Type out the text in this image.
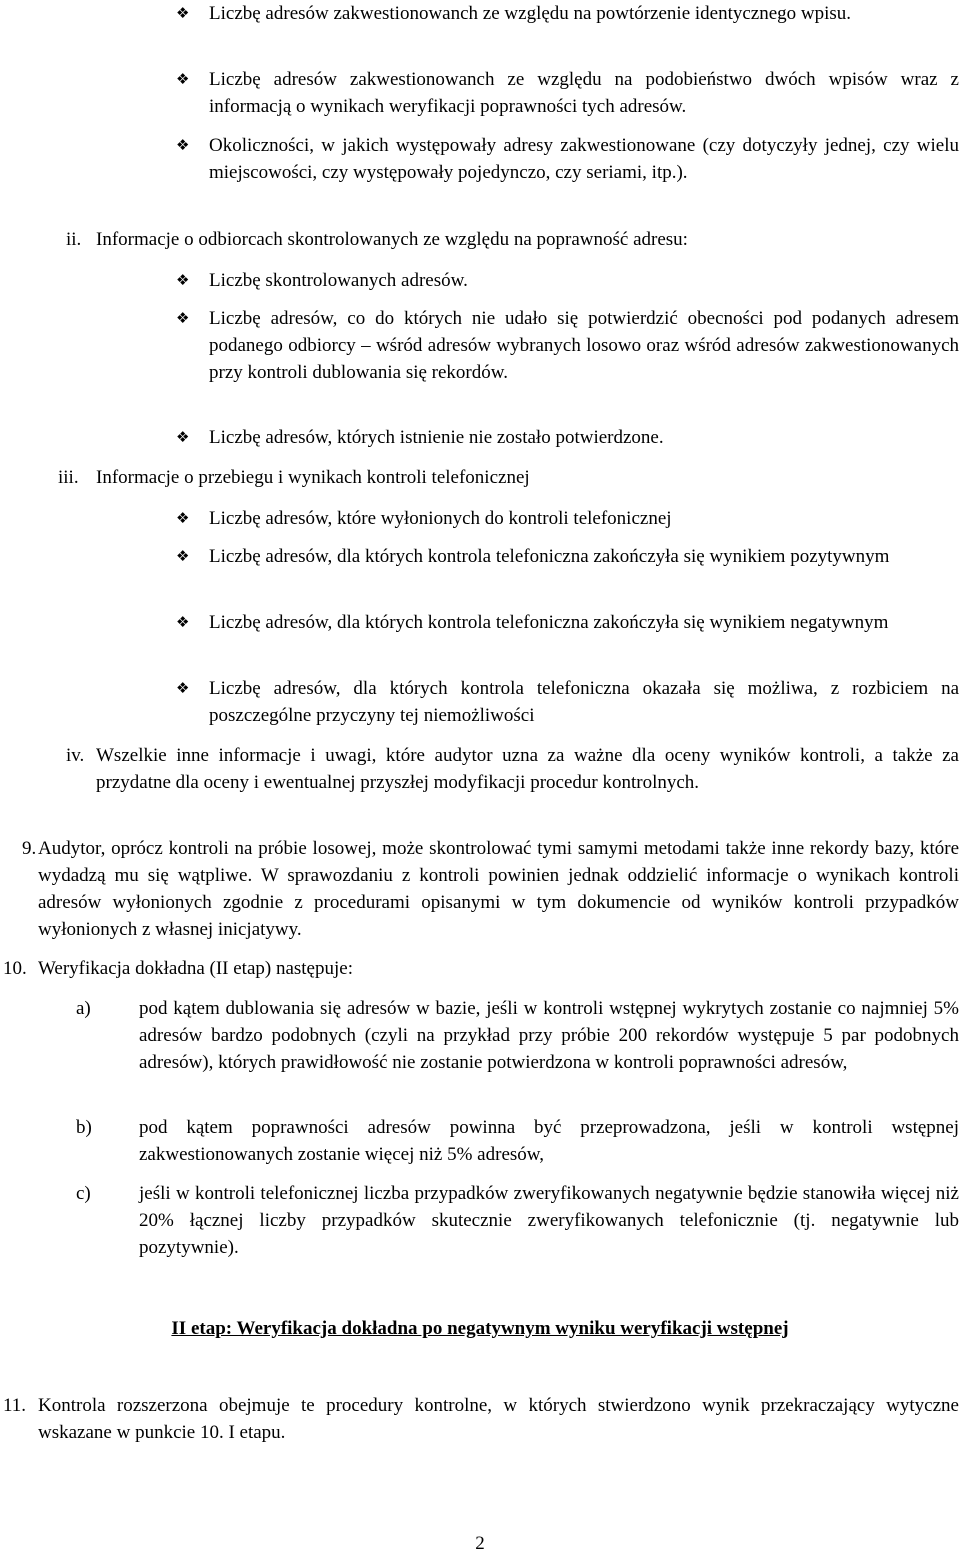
❖ Liczbę adresów zakwestionowanch ze względu na powtórzenie identycznego wpisu.
❖ Liczbę adresów zakwestionowanch ze względu na podobieństwo dwóch wpisów wraz z informacją o wynikach weryfikacji poprawności tych adresów.
❖ Okoliczności, w jakich występowały adresy zakwestionowane (czy dotyczyły jednej, czy wielu miejscowości, czy występowały pojedynczo, czy seriami, itp.).
ii. Informacje o odbiorcach skontrolowanych ze względu na poprawność adresu:
❖ Liczbę skontrolowanych adresów.
❖ Liczbę adresów, co do których nie udało się potwierdzić obecności pod podanych adresem podanego odbiorcy – wśród adresów wybranych losowo oraz wśród adresów zakwestionowanych przy kontroli dublowania się rekordów.
❖ Liczbę adresów, których istnienie nie zostało potwierdzone.
iii. Informacje o przebiegu i wynikach kontroli telefonicznej
❖ Liczbę adresów, które wyłonionych do kontroli telefonicznej
❖ Liczbę adresów, dla których kontrola telefoniczna zakończyła się wynikiem pozytywnym
❖ Liczbę adresów, dla których kontrola telefoniczna zakończyła się wynikiem negatywnym
❖ Liczbę adresów, dla których kontrola telefoniczna okazała się możliwa, z rozbiciem na poszczególne przyczyny tej niemożliwości
iv. Wszelkie inne informacje i uwagi, które audytor uzna za ważne dla oceny wyników kontroli, a także za przydatne dla oceny i ewentualnej przyszłej modyfikacji procedur kontrolnych.
9. Audytor, oprócz kontroli na próbie losowej, może skontrolować tymi samymi metodami także inne rekordy bazy, które wydadzą mu się wątpliwe. W sprawozdaniu z kontroli powinien jednak oddzielić informacje o wynikach kontroli adresów wyłonionych zgodnie z procedurami opisanymi w tym dokumencie od wyników kontroli przypadków wyłonionych z własnej inicjatywy.
10. Weryfikacja dokładna (II etap) następuje:
a)	pod kątem dublowania się adresów w bazie, jeśli w kontroli wstępnej wykrytych zostanie co najmniej 5% adresów bardzo podobnych (czyli na przykład przy próbie 200 rekordów występuje 5 par podobnych adresów), których prawidłowość nie zostanie potwierdzona w kontroli poprawności adresów,
b) pod kątem poprawności adresów powinna być przeprowadzona, jeśli w kontroli wstępnej zakwestionowanych zostanie więcej niż 5% adresów,
c)	jeśli w kontroli telefonicznej liczba przypadków zweryfikowanych negatywnie będzie stanowiła więcej niż 20% łącznej liczby przypadków skutecznie zweryfikowanych telefonicznie (tj. negatywnie lub pozytywnie).
II etap: Weryfikacja dokładna po negatywnym wyniku weryfikacji wstępnej
11. Kontrola rozszerzona obejmuje te procedury kontrolne, w których stwierdzono wynik przekraczający wytyczne wskazane w punkcie 10. I etapu.
2
